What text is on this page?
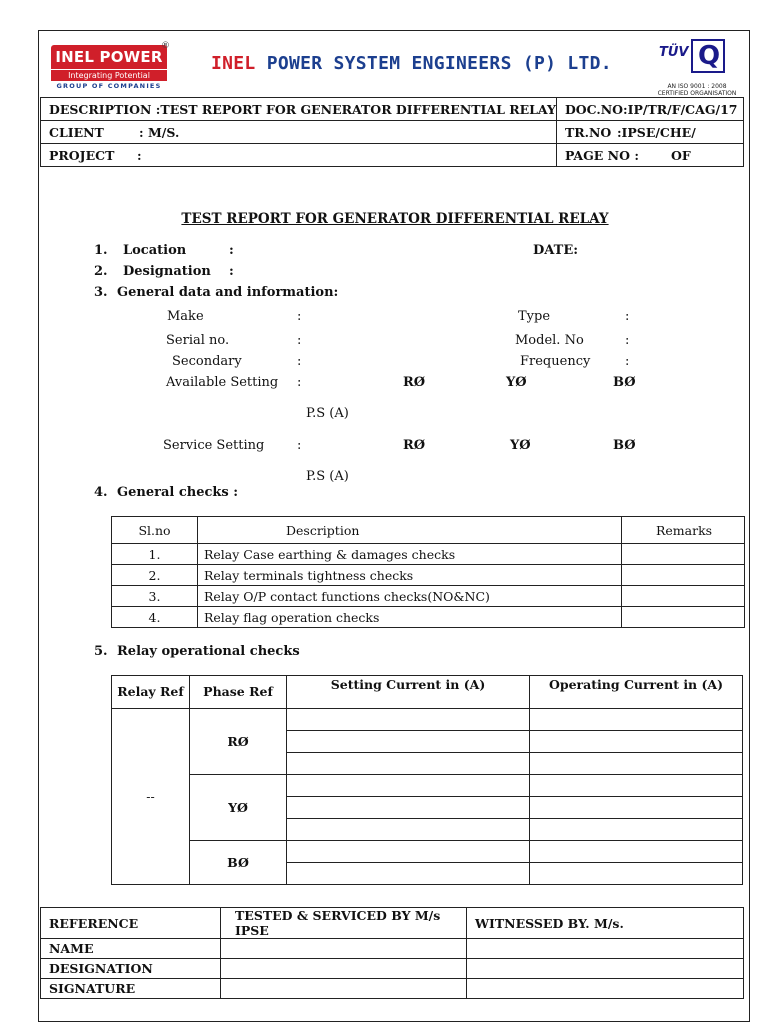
INEL POWER
Integrating Potential
GROUP OF COMPANIES
®
INEL POWER SYSTEM ENGINEERS (P) LTD.
TÜV Q
AN ISO 9001 : 2008
CERTIFIED ORGANISATION
DESCRIPTION :TEST REPORT FOR GENERATOR DIFFERENTIAL RELAY	DOC.NO:IP/TR/F/CAG/17
CLIENT : M/S.	TR.NO :IPSE/CHE/
PROJECT :	PAGE NO : OF
TEST REPORT FOR GENERATOR DIFFERENTIAL RELAY
1. Location	:	DATE:
2. Designation :
3. General data and information:
Make	:	Type	:
Serial no.	:	Model. No	:
Secondary	:	Frequency	:
Available Setting :	RØ	YØ	BØ
P.S (A)
Service Setting	:	RØ	YØ	BØ
P.S (A)
4. General checks :
Sl.no	Description	Remarks
1.	Relay Case earthing & damages checks	
2.	Relay terminals tightness checks	
3.	Relay O/P contact functions checks(NO&NC)	
4.	Relay flag operation checks	
5. Relay operational checks
Relay Ref	Phase Ref	Setting Current in (A)	Operating Current in (A)
--	RØ		

	YØ		

	BØ		

REFERENCE	TESTED & SERVICED BY M/s IPSE	WITNESSED BY. M/s.
NAME		
DESIGNATION		
SIGNATURE		
